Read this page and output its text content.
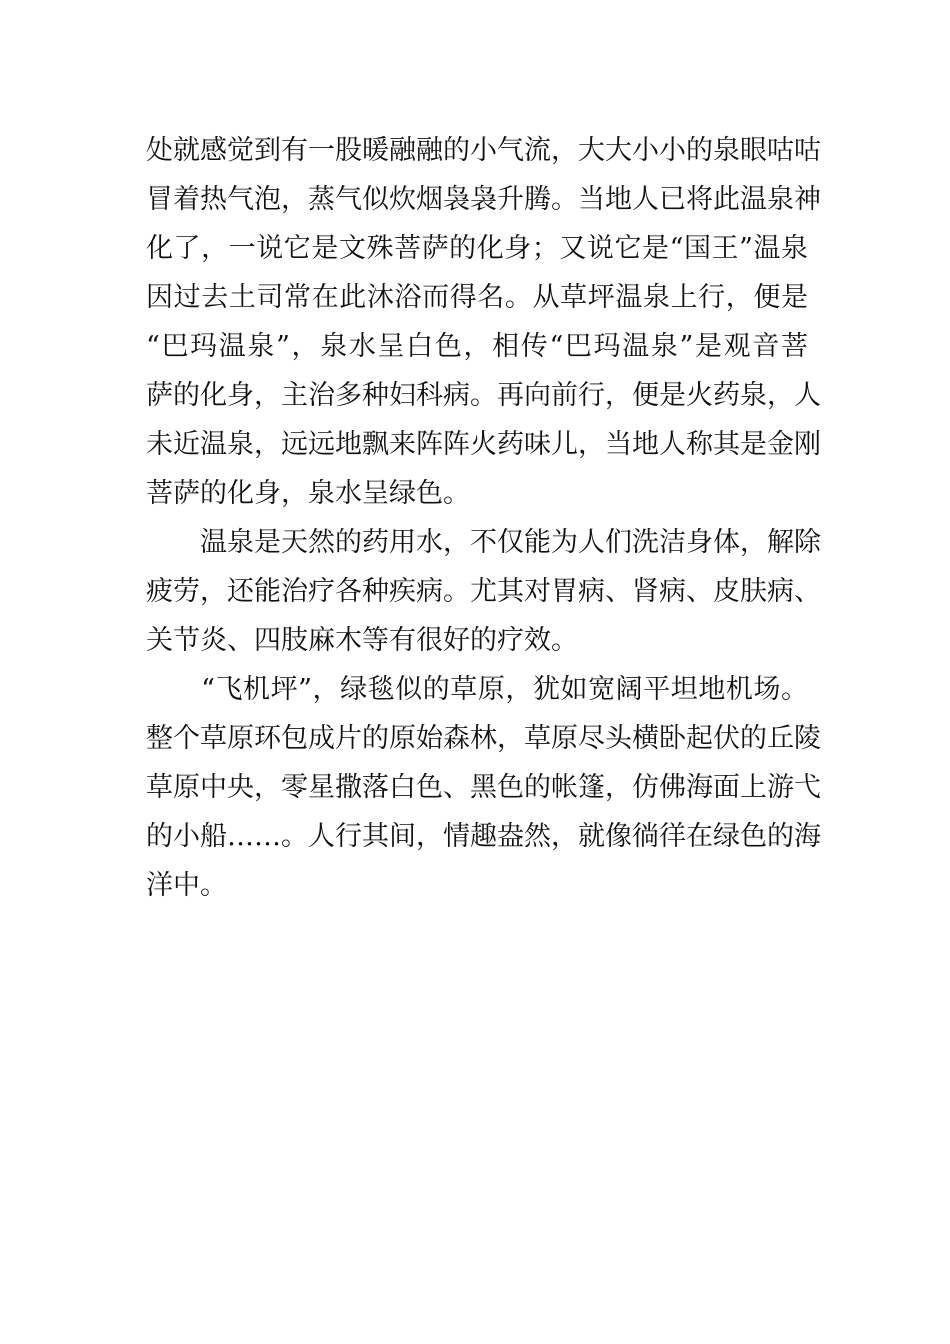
处就感觉到有一股暖融融的小气流，大大小小的泉眼咕咕
冒着热气泡，蒸气似炊烟袅袅升腾。当地人已将此温泉神
化了，一说它是文殊菩萨的化身；又说它是“国王”温泉
因过去土司常在此沐浴而得名。从草坪温泉上行，便是
“巴玛温泉”，泉水呈白色，相传“巴玛温泉”是观音菩
萨的化身，主治多种妇科病。再向前行，便是火药泉，人
未近温泉，远远地飘来阵阵火药味儿，当地人称其是金刚
菩萨的化身，泉水呈绿色。
　　温泉是天然的药用水，不仅能为人们洗洁身体，解除
疲劳，还能治疗各种疾病。尤其对胃病、肾病、皮肤病、
关节炎、四肢麻木等有很好的疗效。
　　“飞机坪”，绿毯似的草原，犹如宽阔平坦地机场。
整个草原环包成片的原始森林，草原尽头横卧起伏的丘陵
草原中央，零星撒落白色、黑色的帐篷，仿佛海面上游弋
的小船……。人行其间，情趣盎然，就像徜徉在绿色的海
洋中。
